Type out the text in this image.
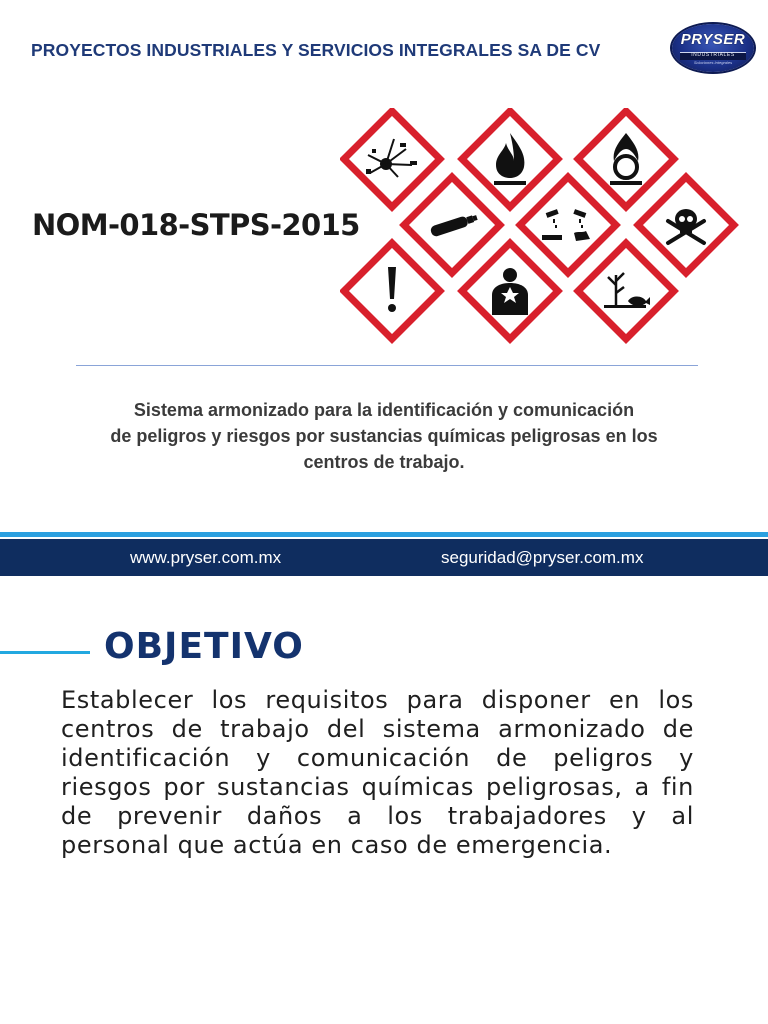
PROYECTOS INDUSTRIALES Y SERVICIOS INTEGRALES SA DE CV
PRYSER
INDUSTRIALES
Soluciones Integrales
NOM-018-STPS-2015
Sistema armonizado para la identificación y comunicación
de peligros y riesgos por sustancias químicas peligrosas en los
centros de trabajo.
www.pryser.com.mx	seguridad@pryser.com.mx
OBJETIVO
Establecer los requisitos para disponer en los centros de trabajo del sistema armonizado de identificación y comunicación de peligros y riesgos por sustancias químicas peligrosas, a fin de prevenir daños a los trabajadores y al personal que actúa en caso de emergencia.
